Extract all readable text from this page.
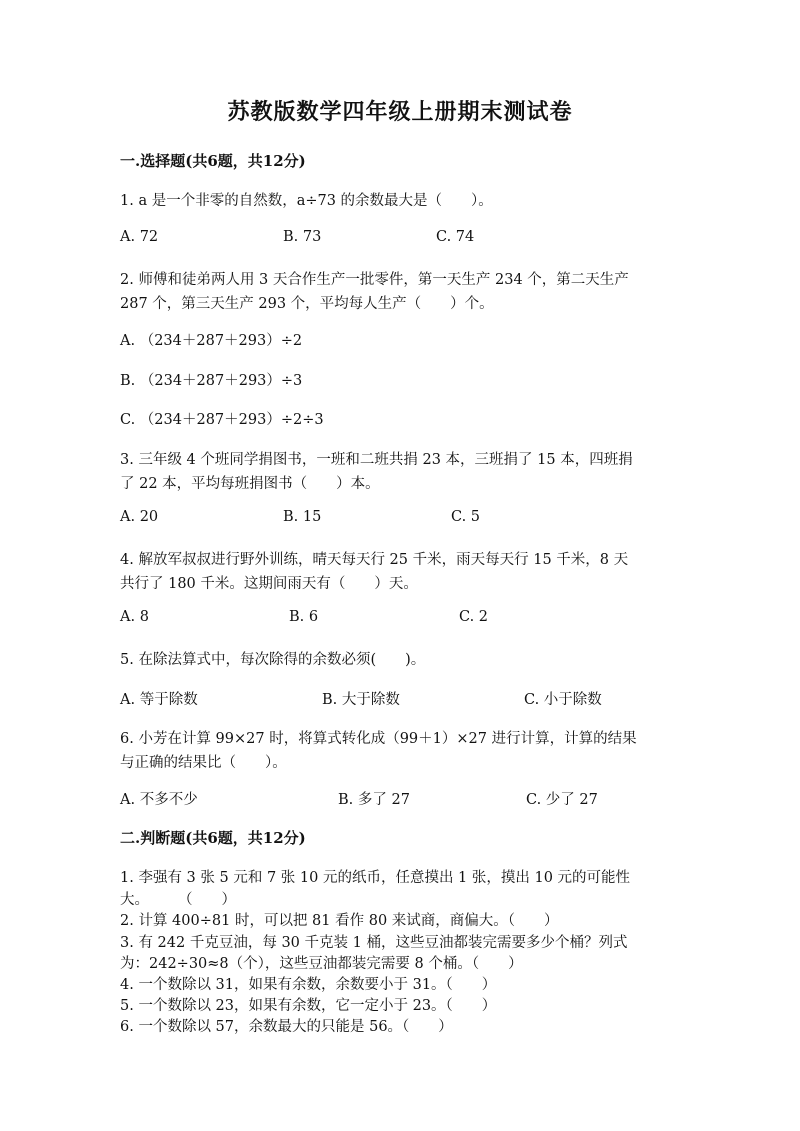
苏教版数学四年级上册期末测试卷
一.选择题(共6题，共12分)
1. a 是一个非零的自然数，a÷73 的余数最大是（　　）。
A. 72	B. 73	C. 74
2. 师傅和徒弟两人用 3 天合作生产一批零件，第一天生产 234 个，第二天生产
287 个，第三天生产 293 个，平均每人生产（　　）个。
A. （234＋287＋293）÷2
B. （234＋287＋293）÷3
C. （234＋287＋293）÷2÷3
3. 三年级 4 个班同学捐图书，一班和二班共捐 23 本，三班捐了 15 本，四班捐
了 22 本，平均每班捐图书（　　）本。
A. 20	B. 15	C. 5
4. 解放军叔叔进行野外训练，晴天每天行 25 千米，雨天每天行 15 千米，8 天
共行了 180 千米。这期间雨天有（　　）天。
A. 8	B. 6	C. 2
5. 在除法算式中，每次除得的余数必须(　　)。
A. 等于除数	B. 大于除数	C. 小于除数
6. 小芳在计算 99×27 时，将算式转化成（99＋1）×27 进行计算，计算的结果
与正确的结果比（　　）。
A. 不多不少	B. 多了 27	C. 少了 27
二.判断题(共6题，共12分)
1. 李强有 3 张 5 元和 7 张 10 元的纸币，任意摸出 1 张，摸出 10 元的可能性
大。　　　（　　）
2. 计算 400÷81 时，可以把 81 看作 80 来试商，商偏大。（　　）
3. 有 242 千克豆油，每 30 千克装 1 桶，这些豆油都装完需要多少个桶？列式
为：242÷30≈8（个），这些豆油都装完需要 8 个桶。（　　）
4. 一个数除以 31，如果有余数，余数要小于 31。（　　）
5. 一个数除以 23，如果有余数，它一定小于 23。（　　）
6. 一个数除以 57，余数最大的只能是 56。（　　）
